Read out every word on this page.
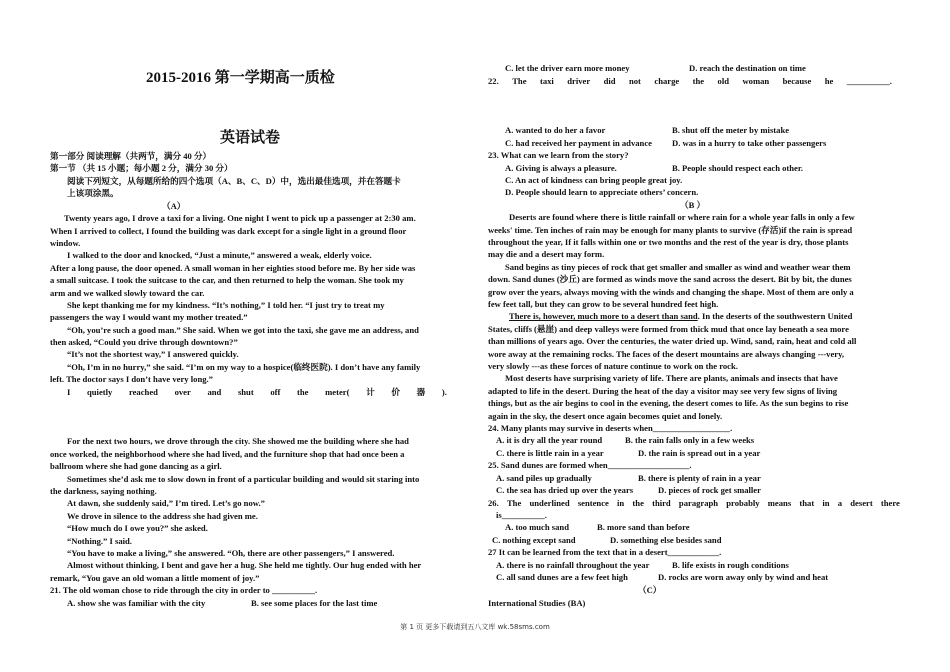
2015-2016 第一学期高一质检
英语试卷
第一部分 阅读理解（共两节，满分 40 分）
第一节 （共 15 小题；每小题 2 分，满分 30 分）
阅读下列短文，从每题所给的四个选项（A、B、C、D）中，选出最佳选项，并在答题卡
上该项涂黑。
（A）
Twenty years ago, I drove a taxi for a living. One night I went to pick up a passenger at 2:30 am.
When I arrived to collect, I found the building was dark except for a single light in a ground floor
window.
I walked to the door and knocked, “Just a minute,” answered a weak, elderly voice.
After a long pause, the door opened. A small woman in her eighties stood before me. By her side was
a small suitcase. I took the suitcase to the car, and then returned to help the woman. She took my
arm and we walked slowly toward the car.
She kept thanking me for my kindness. “It’s nothing,” I told her. “I just try to treat my
passengers the way I would want my mother treated.”
“Oh, you’re such a good man.” She said. When we got into the taxi, she gave me an address, and
then asked, “Could you drive through downtown?”
“It’s not the shortest way,” I answered quickly.
“Oh, I’m in no hurry,” she said. “I’m on my way to a hospice(临终医院). I don’t have any family
left. The doctor says I don’t have very long.”
I quietly reached over and shut off the meter( 计 价 器 ).
For the next two hours, we drove through the city. She showed me the building where she had
once worked, the neighborhood where she had lived, and the furniture shop that had once been a
ballroom where she had gone dancing as a girl.
Sometimes she’d ask me to slow down in front of a particular building and would sit staring into
the darkness, saying nothing.
At dawn, she suddenly said,” I’m tired. Let’s go now.”
We drove in silence to the address she had given me.
“How much do I owe you?” she asked.
“Nothing.” I said.
“You have to make a living,” she answered. “Oh, there are other passengers,” I answered.
Almost without thinking, I bent and gave her a hug. She held me tightly. Our hug ended with her
remark, “You gave an old woman a little moment of joy.”
21. The old woman chose to ride through the city in order to __________.
A. show she was familiar with the city	B. see some places for the last time
C. let the driver earn more money	D. reach the destination on time
22. The taxi driver did not charge the old woman because he __________.
A. wanted to do her a favor	B. shut off the meter by mistake
C. had received her payment in advance D. was in a hurry to take other passengers
23. What can we learn from the story?
A. Giving is always a pleasure.	B. People should respect each other.
C. An act of kindness can bring people great joy.
D. People should learn to appreciate others’ concern.
（B ）
Deserts are found where there is little rainfall or where rain for a whole year falls in only a few
weeks' time. Ten inches of rain may be enough for many plants to survive (存活)if the rain is spread
throughout the year, If it falls within one or two months and the rest of the year is dry, those plants
may die and a desert may form.
Sand begins as tiny pieces of rock that get smaller and smaller as wind and weather wear them
down. Sand dunes (沙丘) are formed as winds move the sand across the desert. Bit by bit, the dunes
grow over the years, always moving with the winds and changing the shape. Most of them are only a
few feet tall, but they can grow to be several hundred feet high.
There is, however, much more to a desert than sand. In the deserts of the southwestern United
States, cliffs (悬崖) and deep valleys were formed from thick mud that once lay beneath a sea more
than millions of years ago. Over the centuries, the water dried up. Wind, sand, rain, heat and cold all
wore away at the remaining rocks. The faces of the desert mountains are always changing ---very,
very slowly ---as these forces of nature continue to work on the rock.
Most deserts have surprising variety of life. There are plants, animals and insects that have
adapted to life in the desert. During the heat of the day a visitor may see very few signs of living
things, but as the air begins to cool in the evening, the desert comes to life. As the sun begins to rise
again in the sky, the desert once again becomes quiet and lonely.
24. Many plants may survive in deserts when__________________.
A. it is dry all the year round	B. the rain falls only in a few weeks
C. there is little rain in a year	D. the rain is spread out in a year
25. Sand dunes are formed when___________________.
A. sand piles up gradually	B. there is plenty of rain in a year
C. the sea has dried up over the years	D. pieces of rock get smaller
26. The underlined sentence in the third paragraph probably means that in a desert there
is__________.
A. too much sand	B. more sand than before
C. nothing except sand	D. something else besides sand
27 It can be learned from the text that in a desert____________.
A. there is no rainfall throughout the year	B. life exists in rough conditions
C. all sand dunes are a few feet high	D. rocks are worn away only by wind and heat
（C）
International Studies (BA)
第 1 页 更多下载请到五八文库 wk.58sms.com
